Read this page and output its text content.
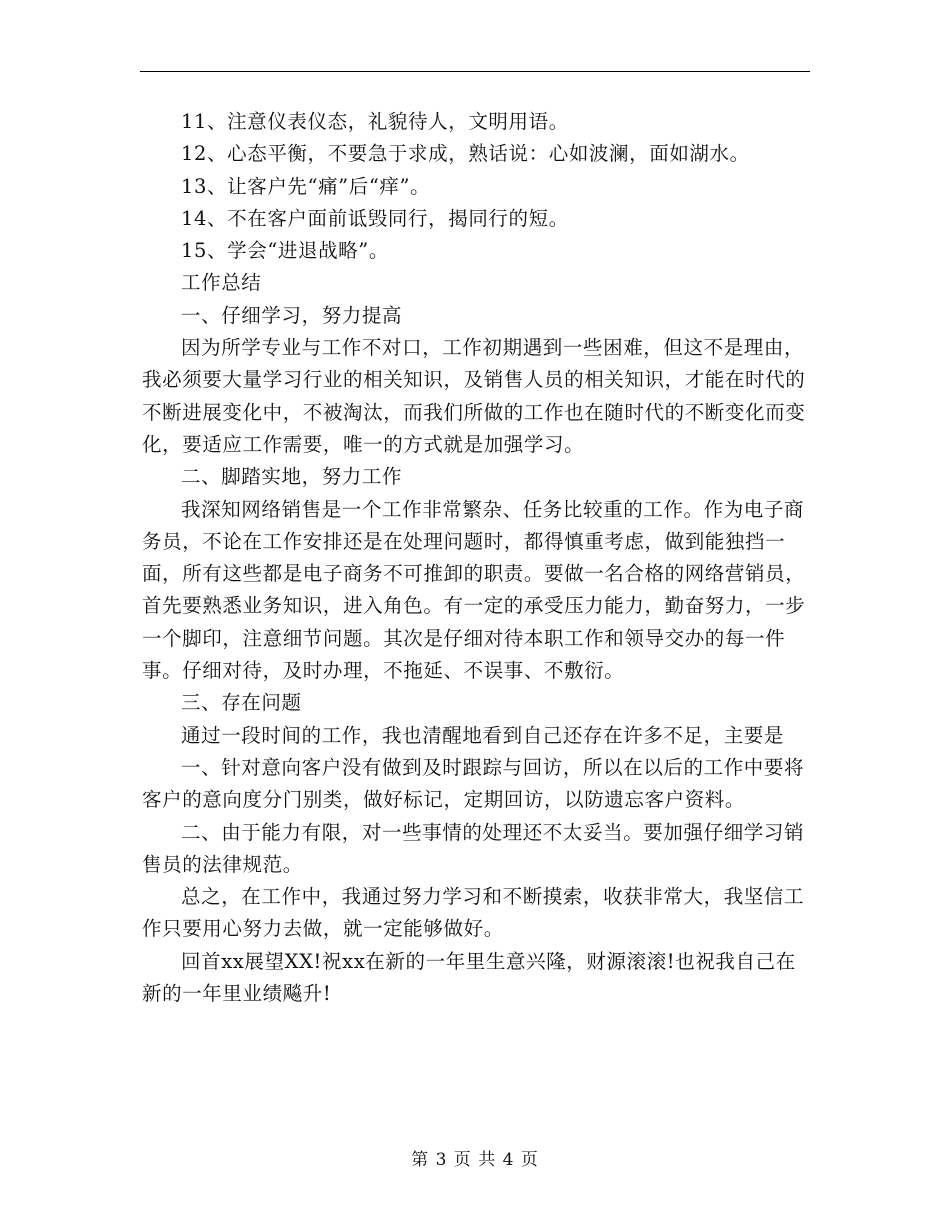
11、注意仪表仪态，礼貌待人，文明用语。

12、心态平衡，不要急于求成，熟话说：心如波澜，面如湖水。

13、让客户先“痛”后“痒”。

14、不在客户面前诋毁同行，揭同行的短。

15、学会“进退战略”。

工作总结

一、仔细学习，努力提高

因为所学专业与工作不对口，工作初期遇到一些困难，但这不是理由，我必须要大量学习行业的相关知识，及销售人员的相关知识，才能在时代的不断进展变化中，不被淘汰，而我们所做的工作也在随时代的不断变化而变化，要适应工作需要，唯一的方式就是加强学习。

二、脚踏实地，努力工作

我深知网络销售是一个工作非常繁杂、任务比较重的工作。作为电子商务员，不论在工作安排还是在处理问题时，都得慎重考虑，做到能独挡一面，所有这些都是电子商务不可推卸的职责。要做一名合格的网络营销员，首先要熟悉业务知识，进入角色。有一定的承受压力能力，勤奋努力，一步一个脚印，注意细节问题。其次是仔细对待本职工作和领导交办的每一件事。仔细对待，及时办理，不拖延、不误事、不敷衍。

三、存在问题

通过一段时间的工作，我也清醒地看到自己还存在许多不足，主要是

一、针对意向客户没有做到及时跟踪与回访，所以在以后的工作中要将客户的意向度分门别类，做好标记，定期回访，以防遗忘客户资料。

二、由于能力有限，对一些事情的处理还不太妥当。要加强仔细学习销售员的法律规范。

总之，在工作中，我通过努力学习和不断摸索，收获非常大，我坚信工作只要用心努力去做，就一定能够做好。

回首xx展望XX!祝xx在新的一年里生意兴隆，财源滚滚!也祝我自己在新的一年里业绩飚升!

第 3 页 共 4 页
